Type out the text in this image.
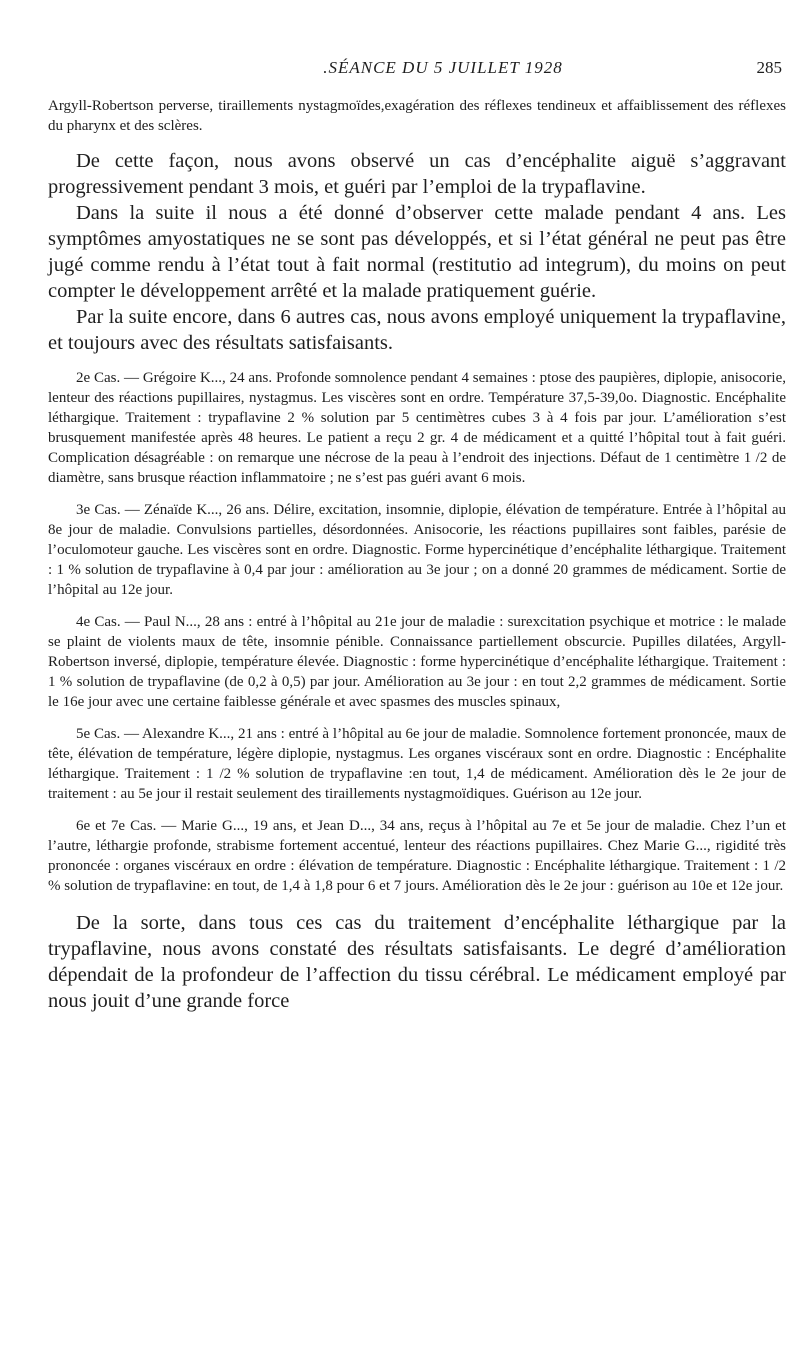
.SÉANCE DU 5 JUILLET 1928	285

Argyll-Robertson perverse, tiraillements nystagmoïdes,exagération des réflexes tendineux et affaiblissement des réflexes du pharynx et des sclères.

De cette façon, nous avons observé un cas d’encéphalite aiguë s’aggravant progressivement pendant 3 mois, et guéri par l’emploi de la trypaflavine.

Dans la suite il nous a été donné d’observer cette malade pendant 4 ans. Les symptômes amyostatiques ne se sont pas développés, et si l’état général ne peut pas être jugé comme rendu à l’état tout à fait normal (restitutio ad integrum), du moins on peut compter le développement arrêté et la malade pratiquement guérie.

Par la suite encore, dans 6 autres cas, nous avons employé uniquement la trypaflavine, et toujours avec des résultats satisfaisants.

2e Cas. — Grégoire K..., 24 ans. Profonde somnolence pendant 4 semaines : ptose des paupières, diplopie, anisocorie, lenteur des réactions pupillaires, nystagmus. Les viscères sont en ordre. Température 37,5-39,0o. Diagnostic. Encéphalite léthargique. Traitement : trypaflavine 2 % solution par 5 centimètres cubes 3 à 4 fois par jour. L’amélioration s’est brusquement manifestée après 48 heures. Le patient a reçu 2 gr. 4 de médicament et a quitté l’hôpital tout à fait guéri. Complication désagréable : on remarque une nécrose de la peau à l’endroit des injections. Défaut de 1 centimètre 1 /2 de diamètre, sans brusque réaction inflammatoire ; ne s’est pas guéri avant 6 mois.

3e Cas. — Zénaïde K..., 26 ans. Délire, excitation, insomnie, diplopie, élévation de température. Entrée à l’hôpital au 8e jour de maladie. Convulsions partielles, désordonnées. Anisocorie, les réactions pupillaires sont faibles, parésie de l’oculomoteur gauche. Les viscères sont en ordre. Diagnostic. Forme hypercinétique d’encéphalite léthargique. Traitement : 1 % solution de trypaflavine à 0,4 par jour : amélioration au 3e jour ; on a donné 20 grammes de médicament. Sortie de l’hôpital au 12e jour.

4e Cas. — Paul N..., 28 ans : entré à l’hôpital au 21e jour de maladie : surexcitation psychique et motrice : le malade se plaint de violents maux de tête, insomnie pénible. Connaissance partiellement obscurcie. Pupilles dilatées, Argyll-Robertson inversé, diplopie, température élevée. Diagnostic : forme hypercinétique d’encéphalite léthargique. Traitement : 1 % solution de trypaflavine (de 0,2 à 0,5) par jour. Amélioration au 3e jour : en tout 2,2 grammes de médicament. Sortie le 16e jour avec une certaine faiblesse générale et avec spasmes des muscles spinaux,

5e Cas. — Alexandre K..., 21 ans : entré à l’hôpital au 6e jour de maladie. Somnolence fortement prononcée, maux de tête, élévation de température, légère diplopie, nystagmus. Les organes viscéraux sont en ordre. Diagnostic : Encéphalite léthargique. Traitement : 1 /2 % solution de trypaflavine :en tout, 1,4 de médicament. Amélioration dès le 2e jour de traitement : au 5e jour il restait seulement des tiraillements nystagmoïdiques. Guérison au 12e jour.

6e et 7e Cas. — Marie G..., 19 ans, et Jean D..., 34 ans, reçus à l’hôpital au 7e et 5e jour de maladie. Chez l’un et l’autre, léthargie profonde, strabisme fortement accentué, lenteur des réactions pupillaires. Chez Marie G..., rigidité très prononcée : organes viscéraux en ordre : élévation de température. Diagnostic : Encéphalite léthargique. Traitement : 1 /2 % solution de trypaflavine: en tout, de 1,4 à 1,8 pour 6 et 7 jours. Amélioration dès le 2e jour : guérison au 10e et 12e jour.

De la sorte, dans tous ces cas du traitement d’encéphalite léthargique par la trypaflavine, nous avons constaté des résultats satisfaisants. Le degré d’amélioration dépendait de la profondeur de l’affection du tissu cérébral. Le médicament employé par nous jouit d’une grande force
